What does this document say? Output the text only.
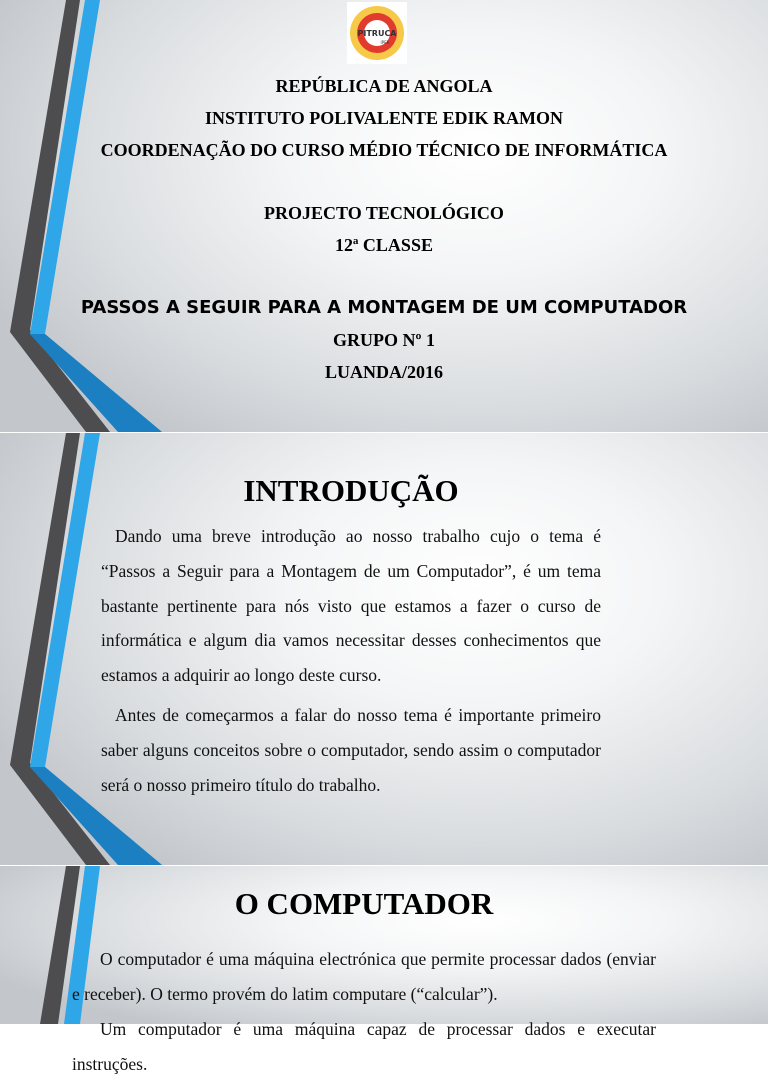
PITRUCA
IPER

REPÚBLICA DE ANGOLA

INSTITUTO POLIVALENTE EDIK RAMON

COORDENAÇÃO DO CURSO MÉDIO TÉCNICO DE INFORMÁTICA

PROJECTO TECNOLÓGICO

12ª CLASSE

PASSOS A SEGUIR PARA A MONTAGEM DE UM COMPUTADOR

GRUPO Nº 1

LUANDA/2016

INTRODUÇÃO

Dando uma breve introdução ao nosso trabalho cujo o tema é “Passos a Seguir para a Montagem de um Computador”, é um tema bastante pertinente para nós visto que estamos a fazer o curso de informática e algum dia vamos necessitar desses conhecimentos que estamos a adquirir ao longo deste curso.

Antes de começarmos a falar do nosso tema é importante primeiro saber alguns conceitos sobre o computador, sendo assim o computador será o nosso primeiro título do trabalho.

O COMPUTADOR

O computador é uma máquina electrónica que permite processar dados (enviar e receber). O termo provém do latim computare (“calcular”).

Um computador é uma máquina capaz de processar dados e executar instruções.
